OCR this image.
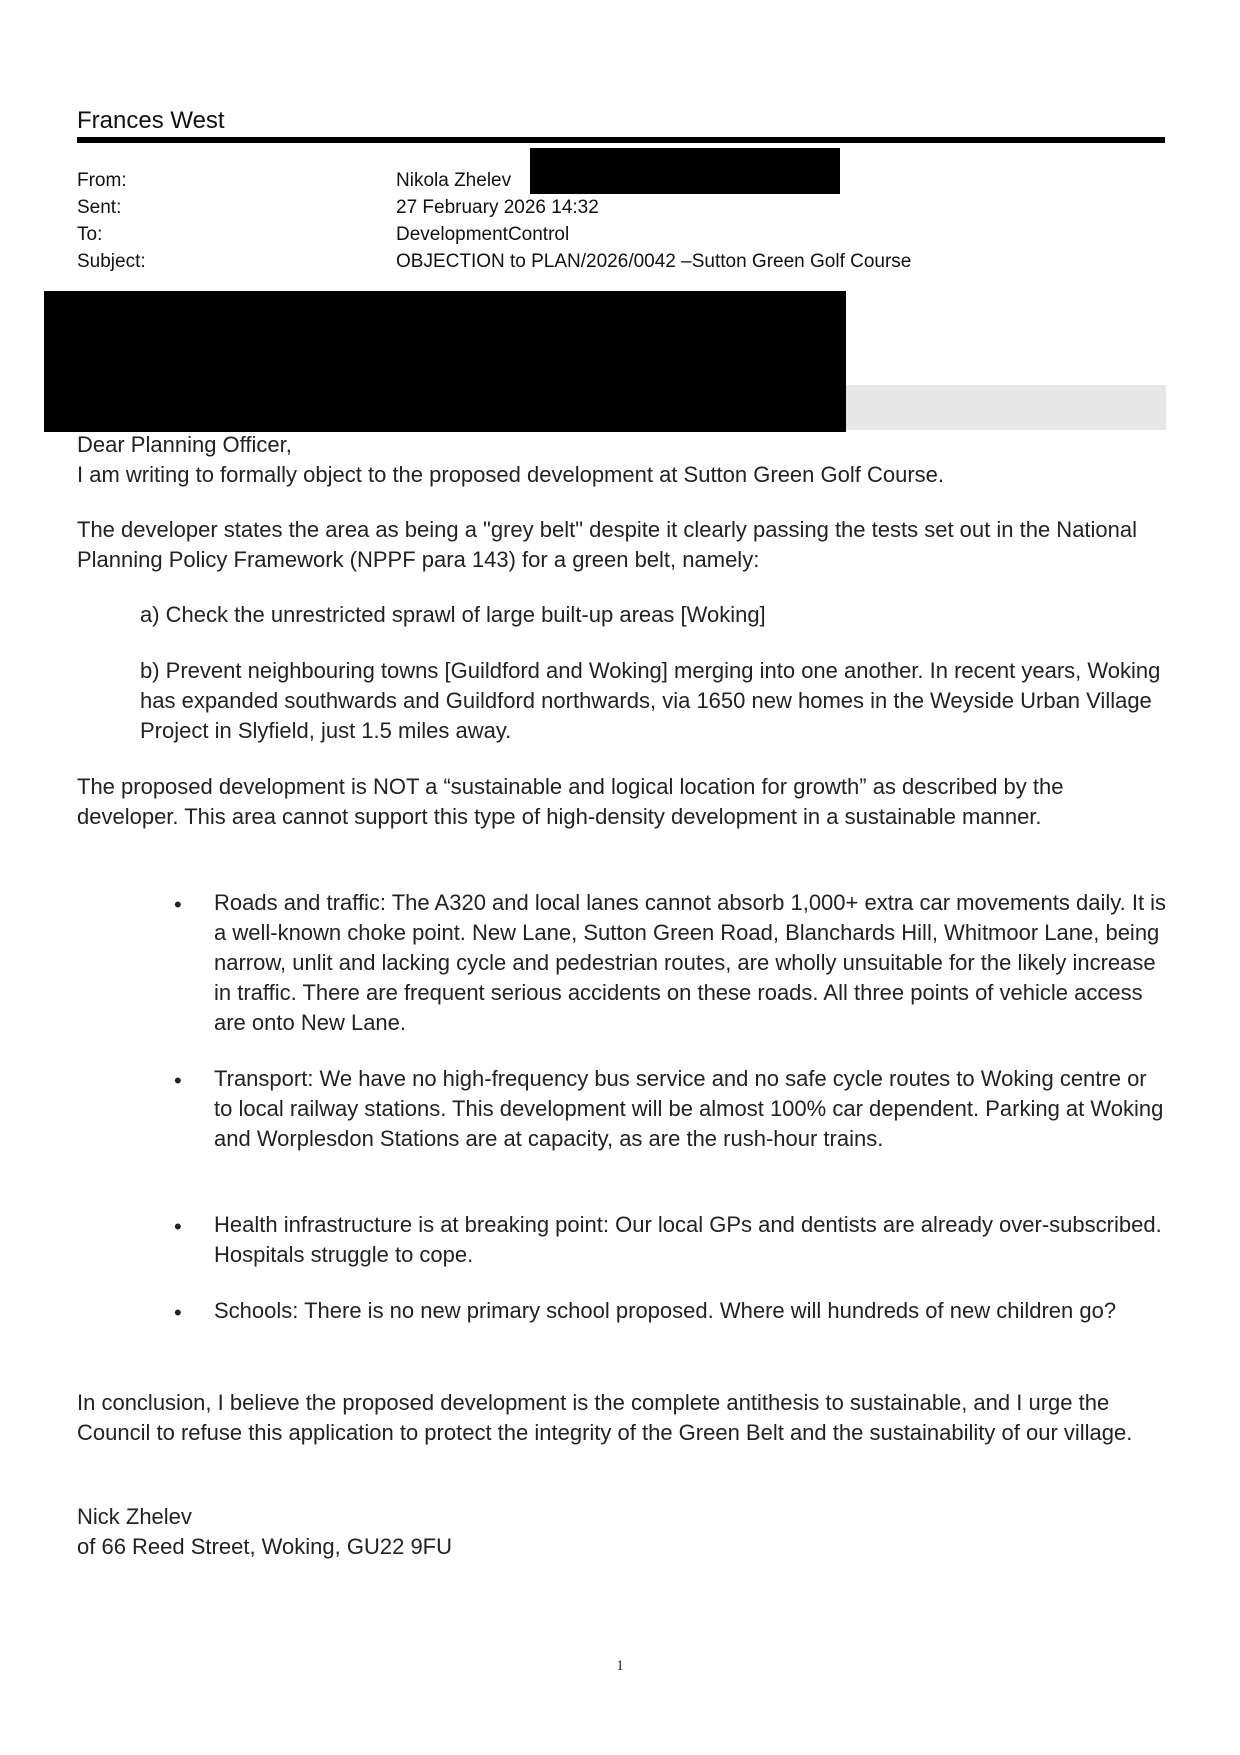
Frances West
From:	Nikola Zhelev
Sent:	27 February 2026 14:32
To:	DevelopmentControl
Subject:	OBJECTION to PLAN/2026/0042 –Sutton Green Golf Course
Dear Planning Officer,
I am writing to formally object to the proposed development at Sutton Green Golf Course.
The developer states the area as being a "grey belt" despite it clearly passing the tests set out in the National Planning Policy Framework (NPPF para 143) for a green belt, namely:
a) Check the unrestricted sprawl of large built-up areas [Woking]
b) Prevent neighbouring towns [Guildford and Woking] merging into one another. In recent years, Woking has expanded southwards and Guildford northwards, via 1650 new homes in the Weyside Urban Village Project in Slyfield, just 1.5 miles away.
The proposed development is NOT a “sustainable and logical location for growth” as described by the developer. This area cannot support this type of high-density development in a sustainable manner.
• Roads and traffic: The A320 and local lanes cannot absorb 1,000+ extra car movements daily. It is a well-known choke point. New Lane, Sutton Green Road, Blanchards Hill, Whitmoor Lane, being narrow, unlit and lacking cycle and pedestrian routes, are wholly unsuitable for the likely increase in traffic. There are frequent serious accidents on these roads. All three points of vehicle access are onto New Lane.
• Transport: We have no high-frequency bus service and no safe cycle routes to Woking centre or to local railway stations. This development will be almost 100% car dependent. Parking at Woking and Worplesdon Stations are at capacity, as are the rush-hour trains.
• Health infrastructure is at breaking point: Our local GPs and dentists are already over-subscribed. Hospitals struggle to cope.
• Schools: There is no new primary school proposed. Where will hundreds of new children go?
In conclusion, I believe the proposed development is the complete antithesis to sustainable, and I urge the Council to refuse this application to protect the integrity of the Green Belt and the sustainability of our village.
Nick Zhelev
of 66 Reed Street, Woking, GU22 9FU
1
